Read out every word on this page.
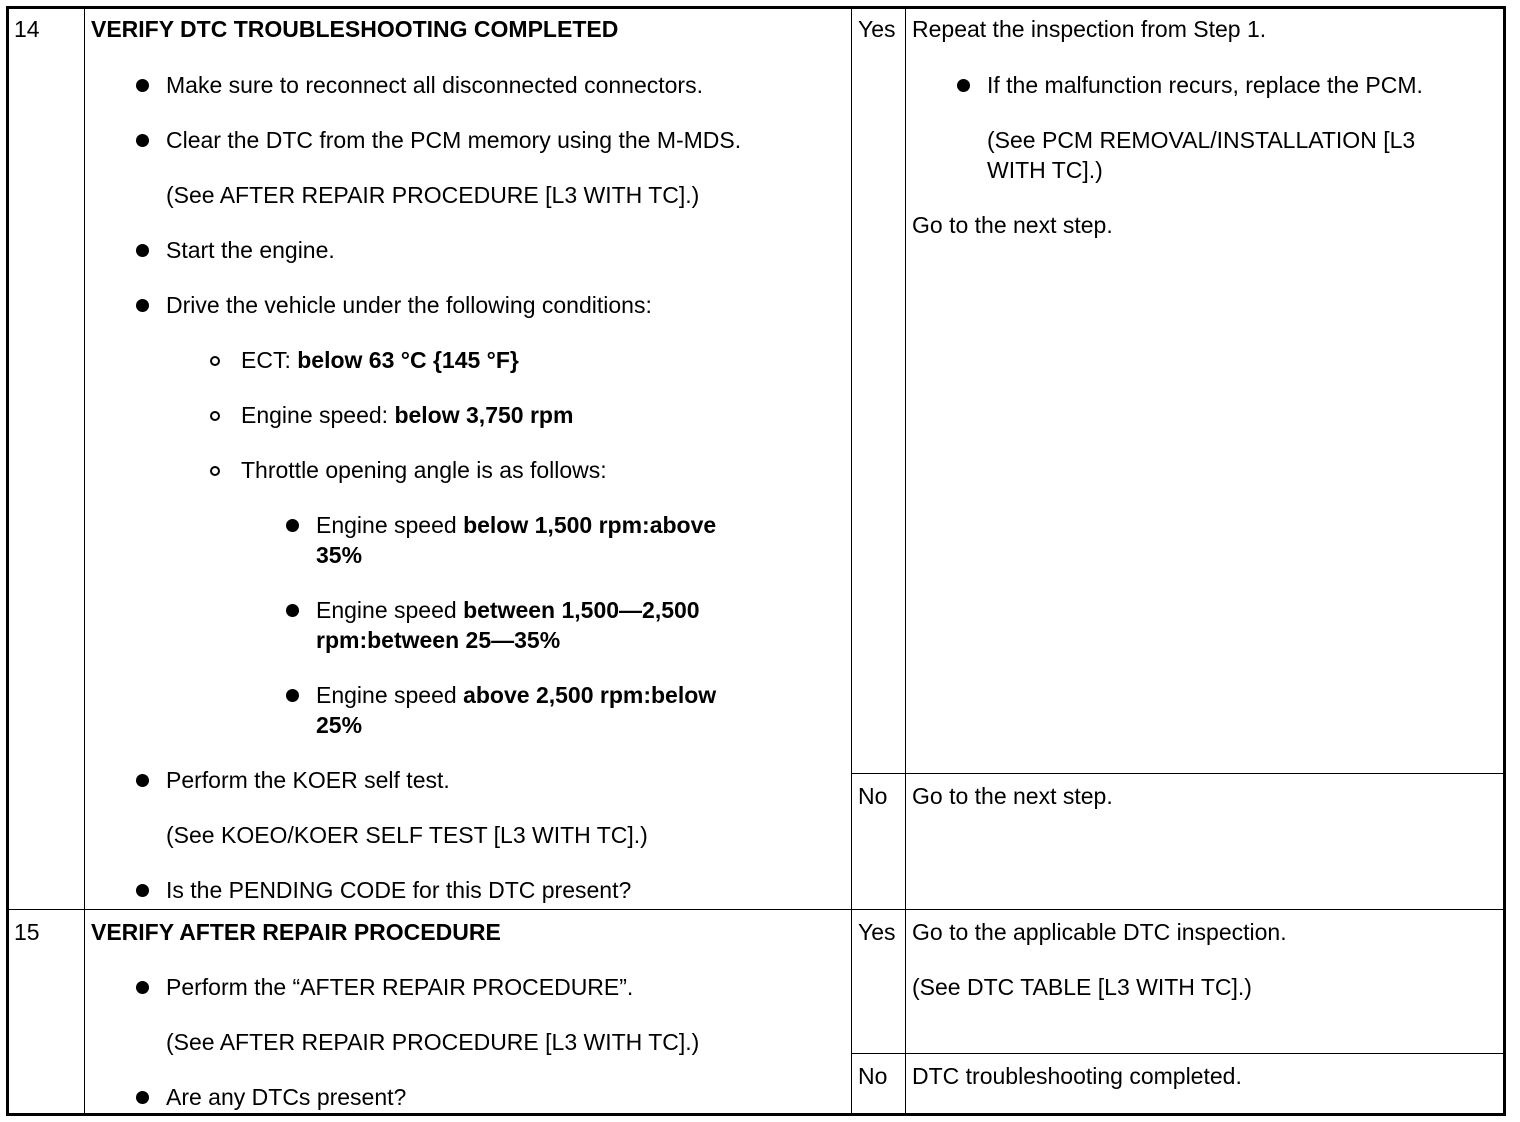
14 VERIFY DTC TROUBLESHOOTING COMPLETED
Make sure to reconnect all disconnected connectors.
Clear the DTC from the PCM memory using the M-MDS.
(See AFTER REPAIR PROCEDURE [L3 WITH TC].)
Start the engine.
Drive the vehicle under the following conditions:
ECT: below 63 °C {145 °F}
Engine speed: below 3,750 rpm
Throttle opening angle is as follows:
Engine speed below 1,500 rpm:above
35%
Engine speed between 1,500—2,500
rpm:between 25—35%
Engine speed above 2,500 rpm:below
25%
Perform the KOER self test.
(See KOEO/KOER SELF TEST [L3 WITH TC].)
Is the PENDING CODE for this DTC present?
Yes Repeat the inspection from Step 1.
If the malfunction recurs, replace the PCM.
(See PCM REMOVAL/INSTALLATION [L3
WITH TC].)
Go to the next step.
No Go to the next step.
15 VERIFY AFTER REPAIR PROCEDURE
Perform the “AFTER REPAIR PROCEDURE”.
(See AFTER REPAIR PROCEDURE [L3 WITH TC].)
Are any DTCs present?
Yes Go to the applicable DTC inspection.
(See DTC TABLE [L3 WITH TC].)
No DTC troubleshooting completed.
